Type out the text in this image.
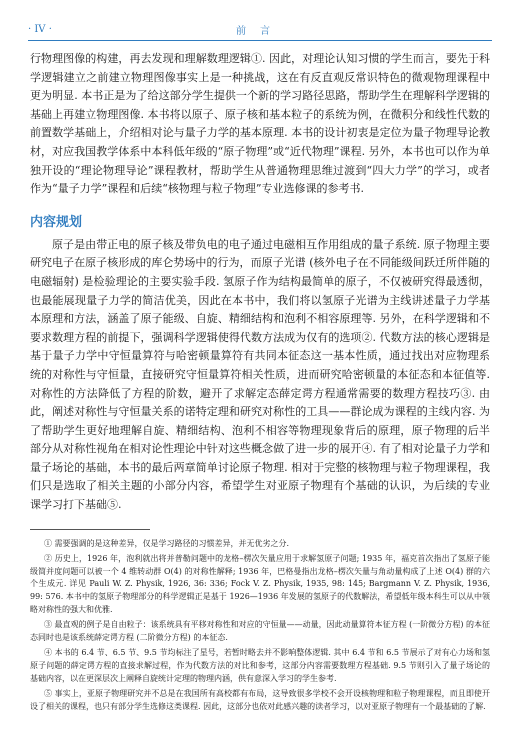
· IV ·	前言

行物理图像的构建，再去发现和理解数理逻辑①. 因此，对理论认知习惯的学生而言，要先于科学逻辑建立之前建立物理图像事实上是一种挑战，这在有反直观反常识特色的微观物理课程中更为明显. 本书正是为了给这部分学生提供一个新的学习路径思路，帮助学生在理解科学逻辑的基础上再建立物理图像. 本书将以原子、原子核和基本粒子的系统为例，在微积分和线性代数的前置数学基础上，介绍相对论与量子力学的基本原理. 本书的设计初衷是定位为量子物理导论教材，对应我国教学体系中本科低年级的“原子物理”或“近代物理”课程. 另外，本书也可以作为单独开设的“理论物理导论”课程教材，帮助学生从普通物理思维过渡到“四大力学”的学习，或者作为“量子力学”课程和后续“核物理与粒子物理”专业选修课的参考书.

内容规划

原子是由带正电的原子核及带负电的电子通过电磁相互作用组成的量子系统. 原子物理主要研究电子在原子核形成的库仑势场中的行为，而原子光谱 (核外电子在不同能级间跃迁所伴随的电磁辐射) 是检验理论的主要实验手段. 氢原子作为结构最简单的原子，不仅被研究得最透彻，也最能展现量子力学的简洁优美，因此在本书中，我们将以氢原子光谱为主线讲述量子力学基本原理和方法，涵盖了原子能级、自旋、精细结构和泡利不相容原理等. 另外，在科学逻辑和不要求数理方程的前提下，强调科学逻辑使得代数方法成为仅有的选项②. 代数方法的核心逻辑是基于量子力学中守恒量算符与哈密顿量算符有共同本征态这一基本性质，通过找出对应物理系统的对称性与守恒量，直接研究守恒量算符相关性质，进而研究哈密顿量的本征态和本征值等. 对称性的方法降低了方程的阶数，避开了求解定态薛定谔方程通常需要的数理方程技巧③. 由此，阐述对称性与守恒量关系的诺特定理和研究对称性的工具——群论成为课程的主线内容. 为了帮助学生更好地理解自旋、精细结构、泡利不相容等物理现象背后的原理，原子物理的后半部分从对称性视角在相对论性理论中针对这些概念做了进一步的展开④. 有了相对论量子力学和量子场论的基础，本书的最后两章简单讨论原子物理. 相对于完整的核物理与粒子物理课程，我们只是选取了相关主题的小部分内容，希望学生对亚原子物理有个基础的认识，为后续的专业课学习打下基础⑤.

① 需要强调的是这种差异，仅是学习路径的习惯差异，并无优劣之分.

② 历史上，1926 年，泡利就出将并普勒问题中的龙格–楞次矢量应用于求解氢原子问题; 1935 年，福克首次指出了氢原子能级简并度问题可以被一个 4 维转动群 O(4) 的对称性解释; 1936 年，巴格曼指出龙格–楞次矢量与角动量构成了上述 O(4) 群的六个生成元. 详见 Pauli W. Z. Physik, 1926, 36: 336; Fock V. Z. Physik, 1935, 98: 145; Bargmann V. Z. Physik, 1936, 99: 576. 本书中的氢原子物理部分的科学逻辑正是基于 1926—1936 年发展的氢原子的代数解法，希望低年级本科生可以从中领略对称性的强大和优雅.

③ 最直观的例子是自由粒子：该系统具有平移对称性和对应的守恒量——动量，因此动量算符本征方程 (一阶微分方程) 的本征态同时也是该系统薛定谔方程 (二阶微分方程) 的本征态.

④ 本书的 6.4 节、6.5 节、9.5 节均标注了星号，若暂时略去并不影响整体逻辑. 其中 6.4 节和 6.5 节展示了对有心力场和氢原子问题的薛定谔方程的直接求解过程，作为代数方法的对比和参考，这部分内容需要数理方程基础. 9.5 节则引入了量子场论的基础内容，以在更深层次上阐释自旋统计定理的物理内涵，供有意深入学习的学生参考.

⑤ 事实上，亚原子物理研究并不总是在我国所有高校都有布局，这导致很多学校不会开设核物理和粒子物理课程，而且即使开设了相关的课程，也只有部分学生选修这类课程. 因此，这部分也依对此感兴趣的读者学习，以对亚原子物理有一个最基础的了解.
